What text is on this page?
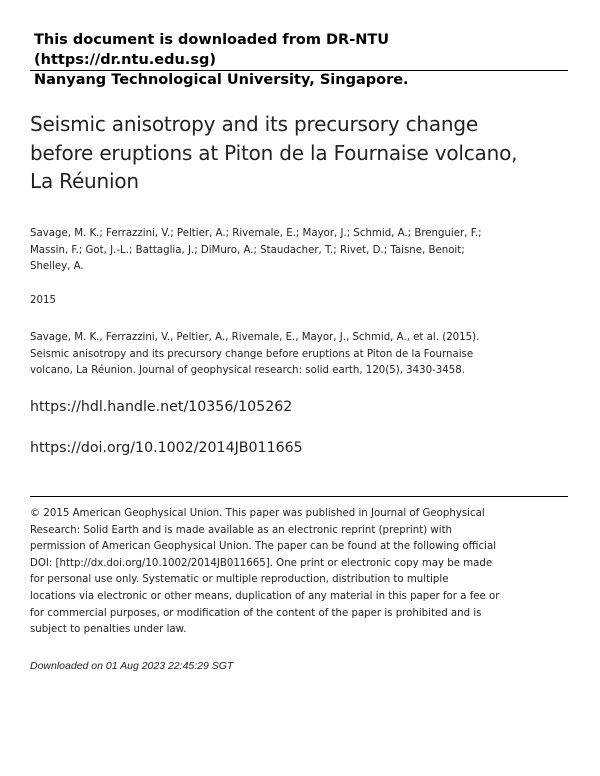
This document is downloaded from DR-NTU (https://dr.ntu.edu.sg)
Nanyang Technological University, Singapore.
Seismic anisotropy and its precursory change
before eruptions at Piton de la Fournaise volcano,
La Réunion
Savage, M. K.; Ferrazzini, V.; Peltier, A.; Rivemale, E.; Mayor, J.; Schmid, A.; Brenguier, F.;
Massin, F.; Got, J.-L.; Battaglia, J.; DiMuro, A.; Staudacher, T.; Rivet, D.; Taisne, Benoit;
Shelley, A.
2015
Savage, M. K., Ferrazzini, V., Peltier, A., Rivemale, E., Mayor, J., Schmid, A., et al. (2015).
Seismic anisotropy and its precursory change before eruptions at Piton de la Fournaise
volcano, La Réunion. Journal of geophysical research: solid earth, 120(5), 3430-3458.
https://hdl.handle.net/10356/105262
https://doi.org/10.1002/2014JB011665
© 2015 American Geophysical Union. This paper was published in Journal of Geophysical
Research: Solid Earth and is made available as an electronic reprint (preprint) with
permission of American Geophysical Union. The paper can be found at the following official
DOI: [http://dx.doi.org/10.1002/2014JB011665]. One print or electronic copy may be made
for personal use only. Systematic or multiple reproduction, distribution to multiple
locations via electronic or other means, duplication of any material in this paper for a fee or
for commercial purposes, or modification of the content of the paper is prohibited and is
subject to penalties under law.
Downloaded on 01 Aug 2023 22:45:29 SGT
